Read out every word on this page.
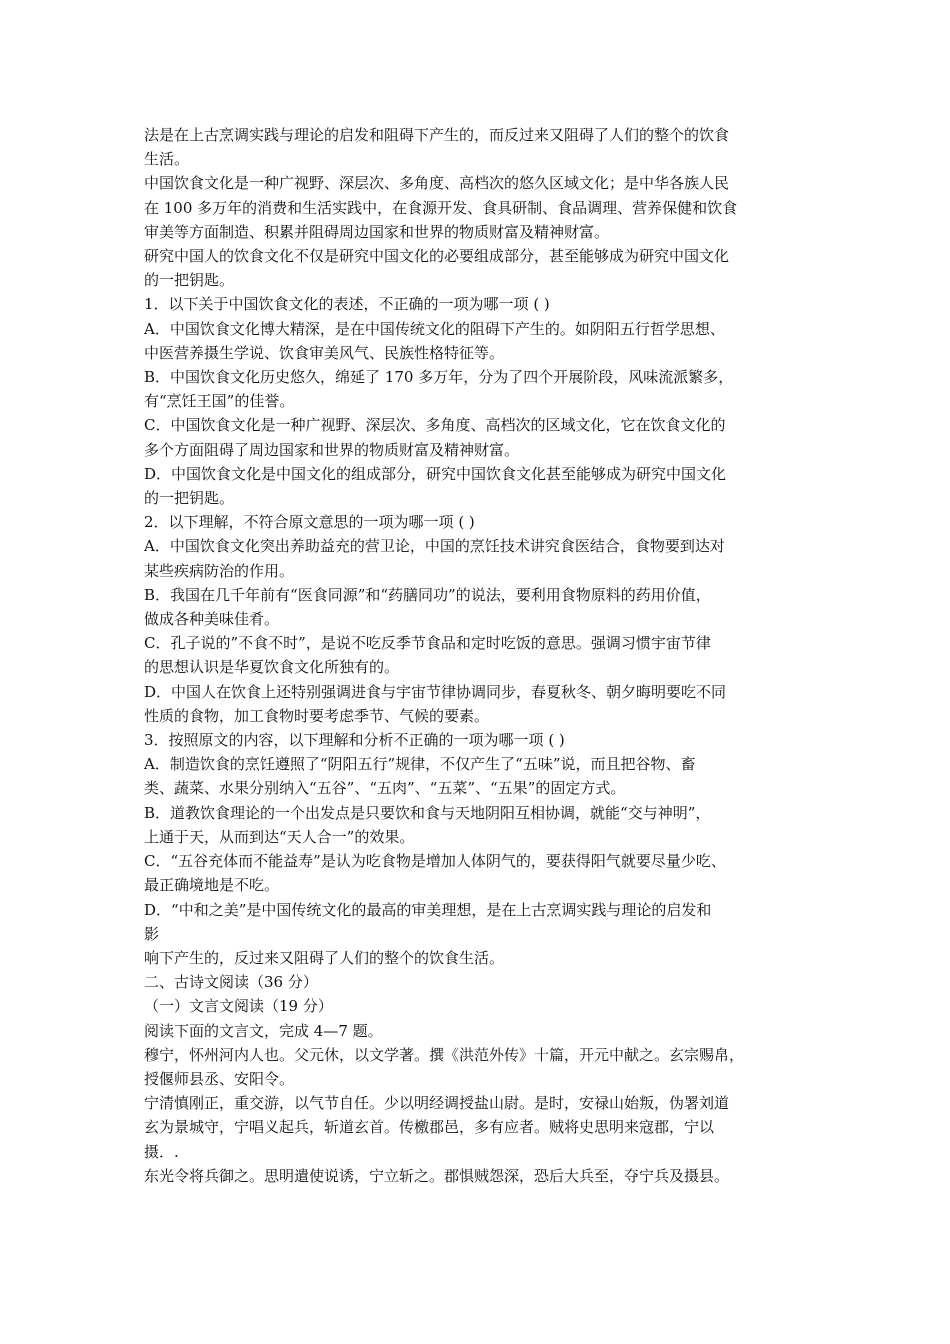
法是在上古烹调实践与理论的启发和阻碍下产生的，而反过来又阻碍了人们的整个的饮食

生活。

中国饮食文化是一种广视野、深层次、多角度、高档次的悠久区域文化；是中华各族人民

在 100 多万年的消费和生活实践中，在食源开发、食具研制、食品调理、营养保健和饮食

审美等方面制造、积累并阻碍周边国家和世界的物质财富及精神财富。

研究中国人的饮食文化不仅是研究中国文化的必要组成部分，甚至能够成为研究中国文化

的一把钥匙。

1．以下关于中国饮食文化的表述，不正确的一项为哪一项 ( )

A．中国饮食文化博大精深，是在中国传统文化的阻碍下产生的。如阴阳五行哲学思想、

中医营养摄生学说、饮食审美风气、民族性格特征等。

B．中国饮食文化历史悠久，绵延了 170 多万年，分为了四个开展阶段，风味流派繁多，

有“烹饪王国”的佳誉。

C．中国饮食文化是一种广视野、深层次、多角度、高档次的区域文化，它在饮食文化的

多个方面阻碍了周边国家和世界的物质财富及精神财富。

D．中国饮食文化是中国文化的组成部分，研究中国饮食文化甚至能够成为研究中国文化

的一把钥匙。

2．以下理解，不符合原文意思的一项为哪一项 ( )

A．中国饮食文化突出养助益充的营卫论，中国的烹饪技术讲究食医结合，食物要到达对

某些疾病防治的作用。

B．我国在几千年前有“医食同源”和“药膳同功”的说法，要利用食物原料的药用价值，

做成各种美味佳肴。

C．孔子说的”不食不时”，是说不吃反季节食品和定时吃饭的意思。强调习惯宇宙节律

的思想认识是华夏饮食文化所独有的。

D．中国人在饮食上还特别强调进食与宇宙节律协调同步，春夏秋冬、朝夕晦明要吃不同

性质的食物，加工食物时要考虑季节、气候的要素。

3．按照原文的内容，以下理解和分析不正确的一项为哪一项 ( )

A．制造饮食的烹饪遵照了“阴阳五行”规律，不仅产生了“五味”说，而且把谷物、畜

类、蔬菜、水果分别纳入“五谷”、“五肉”、“五菜”、“五果”的固定方式。

B．道教饮食理论的一个出发点是只要饮和食与天地阴阳互相协调，就能“交与神明”，

上通于天，从而到达“天人合一”的效果。

C．“五谷充体而不能益寿”是认为吃食物是增加人体阴气的，要获得阳气就要尽量少吃、

最正确境地是不吃。

D．“中和之美”是中国传统文化的最高的审美理想，是在上古烹调实践与理论的启发和

影

响下产生的，反过来又阻碍了人们的整个的饮食生活。

二、古诗文阅读（36 分）

（一）文言文阅读（19 分）

阅读下面的文言文，完成 4—7 题。

穆宁，怀州河内人也。父元休，以文学著。撰《洪范外传》十篇，开元中献之。玄宗赐帛，

授偃师县丞、安阳令。

宁清慎刚正，重交游，以气节自任。少以明经调授盐山尉。是时，安禄山始叛，伪署刘道

玄为景城守，宁唱义起兵，斩道玄首。传檄郡邑，多有应者。贼将史思明来寇郡，宁以

摄．.

东光令将兵御之。思明遣使说诱，宁立斩之。郡惧贼怨深，恐后大兵至，夺宁兵及摄县。
